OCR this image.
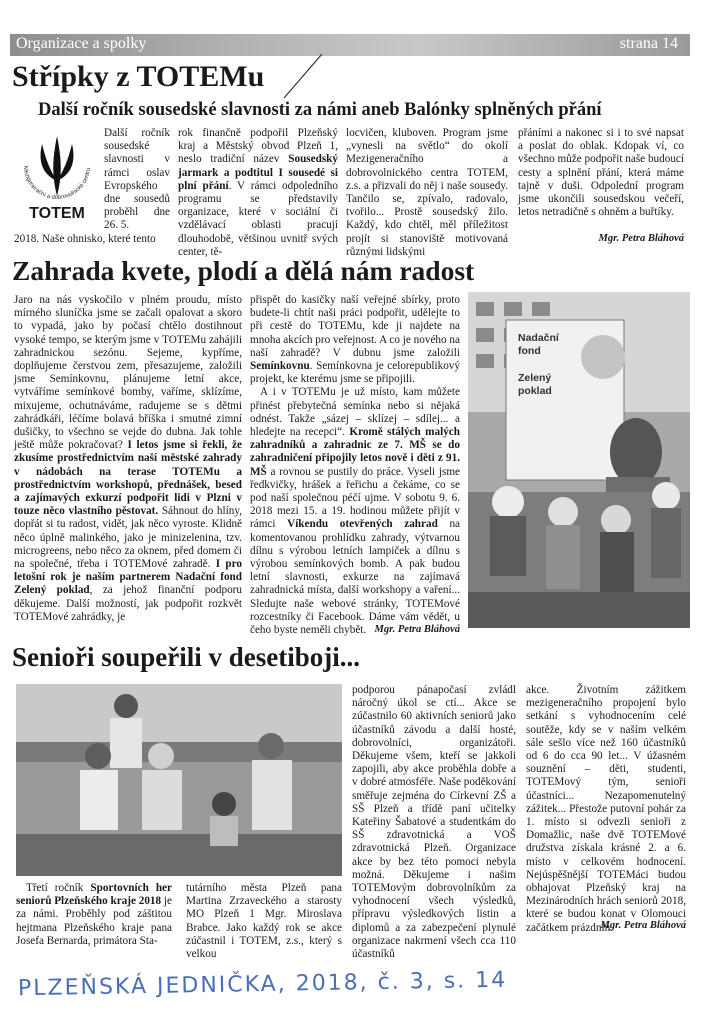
Organizace a spolky	strana 14
Střípky z TOTEMu
Další ročník sousedské slavnosti za námi aneb Balónky splněných přání
Mezigenerační a dobrovolnické centru
TOTEM

Další ročník sousedské slavnosti v rámci oslav Evropského dne sousedů proběhl dne 26. 5.

2018. Naše ohnisko, které tento

rok finančně podpořil Plzeňský kraj a Městský obvod Plzeň 1, neslo tradiční název Sousedský jarmark a podtitul I sousedé si plní přání. V rámci odpoledního programu se představily organizace, které v sociální či vzdělávací oblasti pracují dlouhodobě, většinou uvnitř svých center, tě-

locvičen, kluboven. Program jsme „vynesli na světlo“ do okolí Mezigeneračního a dobrovolnického centra TOTEM, z.s. a přizvali do něj i naše sousedy. Tančilo se, zpívalo, radovalo, tvořilo... Prostě sousedský žilo. Každý, kdo chtěl, měl příležitost projít si stanoviště motivovaná různými lidskými
přáními a nakonec si i to své napsat a poslat do oblak. Kdopak ví, co všechno může podpořit naše budoucí cesty a splnění přání, která máme tajně v duši. Odpolední program jsme ukončili sousedskou večeří, letos netradičně s ohněm a buřtíky.
Mgr. Petra Bláhová
Zahrada kvete, plodí a dělá nám radost

Jaro na nás vyskočilo v plném proudu, místo mírného sluníčka jsme se začali opalovat a skoro to vypadá, jako by počasí chtělo dostihnout vysoké tempo, se kterým jsme v TOTEMu zahájili zahradnickou sezónu. Sejeme, kypříme, doplňujeme čerstvou zem, přesazujeme, založili jsme Semínkovnu, plánujeme letní akce, vytváříme semínkové bomby, vaříme, sklízíme, mixujeme, ochutnáváme, radujeme se s dětmi zahrádkáři, léčíme bolavá bříška i smutné zimní dušičky, to všechno se vejde do dubna. Jak tohle ještě může pokračovat? I letos jsme si řekli, že zkusíme prostřednictvím naší městské zahrady v nádobách na terase TOTEMu a prostřednictvím workshopů, přednášek, besed a zajímavých exkurzí podpořit lidi v Plzni v touze něco vlastního pěstovat. Sáhnout do hlíny, dopřát si tu radost, vidět, jak něco vyroste. Klidně něco úplně malinkého, jako je minizelenina, tzv. microgreens, nebo něco za oknem, před domem či na společné, třeba i TOTEMové zahradě. I pro letošní rok je naším partnerem Nadační fond Zelený poklad, za jehož finanční podporu děkujeme. Další možností, jak podpořit rozkvět TOTEMové zahrádky, je

přispět do kasičky naší veřejné sbírky, proto budete-li chtít naši práci podpořit, udělejte to při cestě do TOTEMu, kde ji najdete na mnoha akcích pro veřejnost. A co je nového na naší zahradě? V dubnu jsme založili Semínkovnu. Semínkovna je celorepublikový projekt, ke kterému jsme se připojili.

A i v TOTEMu je už místo, kam můžete přinést přebytečná semínka nebo si nějaká odnést. Takže „sázej – sklízej – sdílej... a hledejte na recepci“. Kromě stálých malých zahradníků a zahradnic ze 7. MŠ se do zahradničení připojily letos nově i děti z 91. MŠ a rovnou se pustily do práce. Vyseli jsme ředkvičky, hrášek a řeřichu a čekáme, co se pod naší společnou péčí ujme. V sobotu 9. 6. 2018 mezi 15. a 19. hodinou můžete přijít v rámci Víkendu otevřených zahrad na komentovanou prohlídku zahrady, výtvarnou dílnu s výrobou letních lampiček a dílnu s výrobou semínkových bomb. A pak budou letní slavnosti, exkurze na zajímavá zahradnická místa, další workshopy a vaření... Sledujte naše webové stránky, TOTEMové rozcestníky či Facebook. Dáme vám vědět, u čeho byste neměli chybět. Mgr. Petra Bláhová
Nadační
fond
Zelený
poklad
Senioři soupeřili v desetiboji...

Třetí ročník Sportovních her seniorů Plzeňského kraje 2018 je za námi. Proběhly pod záštitou hejtmana Plzeňského kraje pana Josefa Bernarda, primátora Sta-

tutárního města Plzeň pana Martina Zrzaveckého a starosty MO Plzeň 1 Mgr. Miroslava Brabce. Jako každý rok se akce zúčastnil i TOTEM, z.s., který s velkou
podporou pánapočasí zvládl náročný úkol se ctí... Akce se zúčastnilo 60 aktivních seniorů jako účastníků závodu a další hosté, dobrovolníci, organizátoři. Děkujeme všem, kteří se jakkoli zapojili, aby akce proběhla dobře a v dobré atmosféře. Naše poděkování směřuje zejména do Církevní ZŠ a SŠ Plzeň a třídě paní učitelky Kateřiny Šabatové a studentkám do SŠ zdravotnická a VOŠ zdravotnická Plzeň. Organizace akce by bez této pomoci nebyla možná. Děkujeme i našim TOTEMovým dobrovolníkům za vyhodnocení všech výsledků, přípravu výsledkových listin a diplomů a za zabezpečení plynulé organizace nakrmení všech cca 110 účastníků
akce. Životním zážitkem mezigeneračního propojení bylo setkání s vyhodnocením celé soutěže, kdy se v naším velkém sále sešlo více než 160 účastníků od 6 do cca 90 let... V úžasném souznění – děti, studenti, TOTEMový tým, senioři účastníci... Nezapomenutelný zážitek... Přestože putovní pohár za 1. místo si odvezli senioři z Domažlic, naše dvě TOTEMové družstva získala krásné 2. a 6. místo v celkovém hodnocení. Nejúspěšnější TOTEMáci budou obhajovat Plzeňský kraj na Mezinárodních hrách seniorů 2018, které se budou konat v Olomouci začátkem prázdnin.
Mgr. Petra Bláhová
PLZEŇSKÁ JEDNIČKA, 2018, č. 3, s. 14
